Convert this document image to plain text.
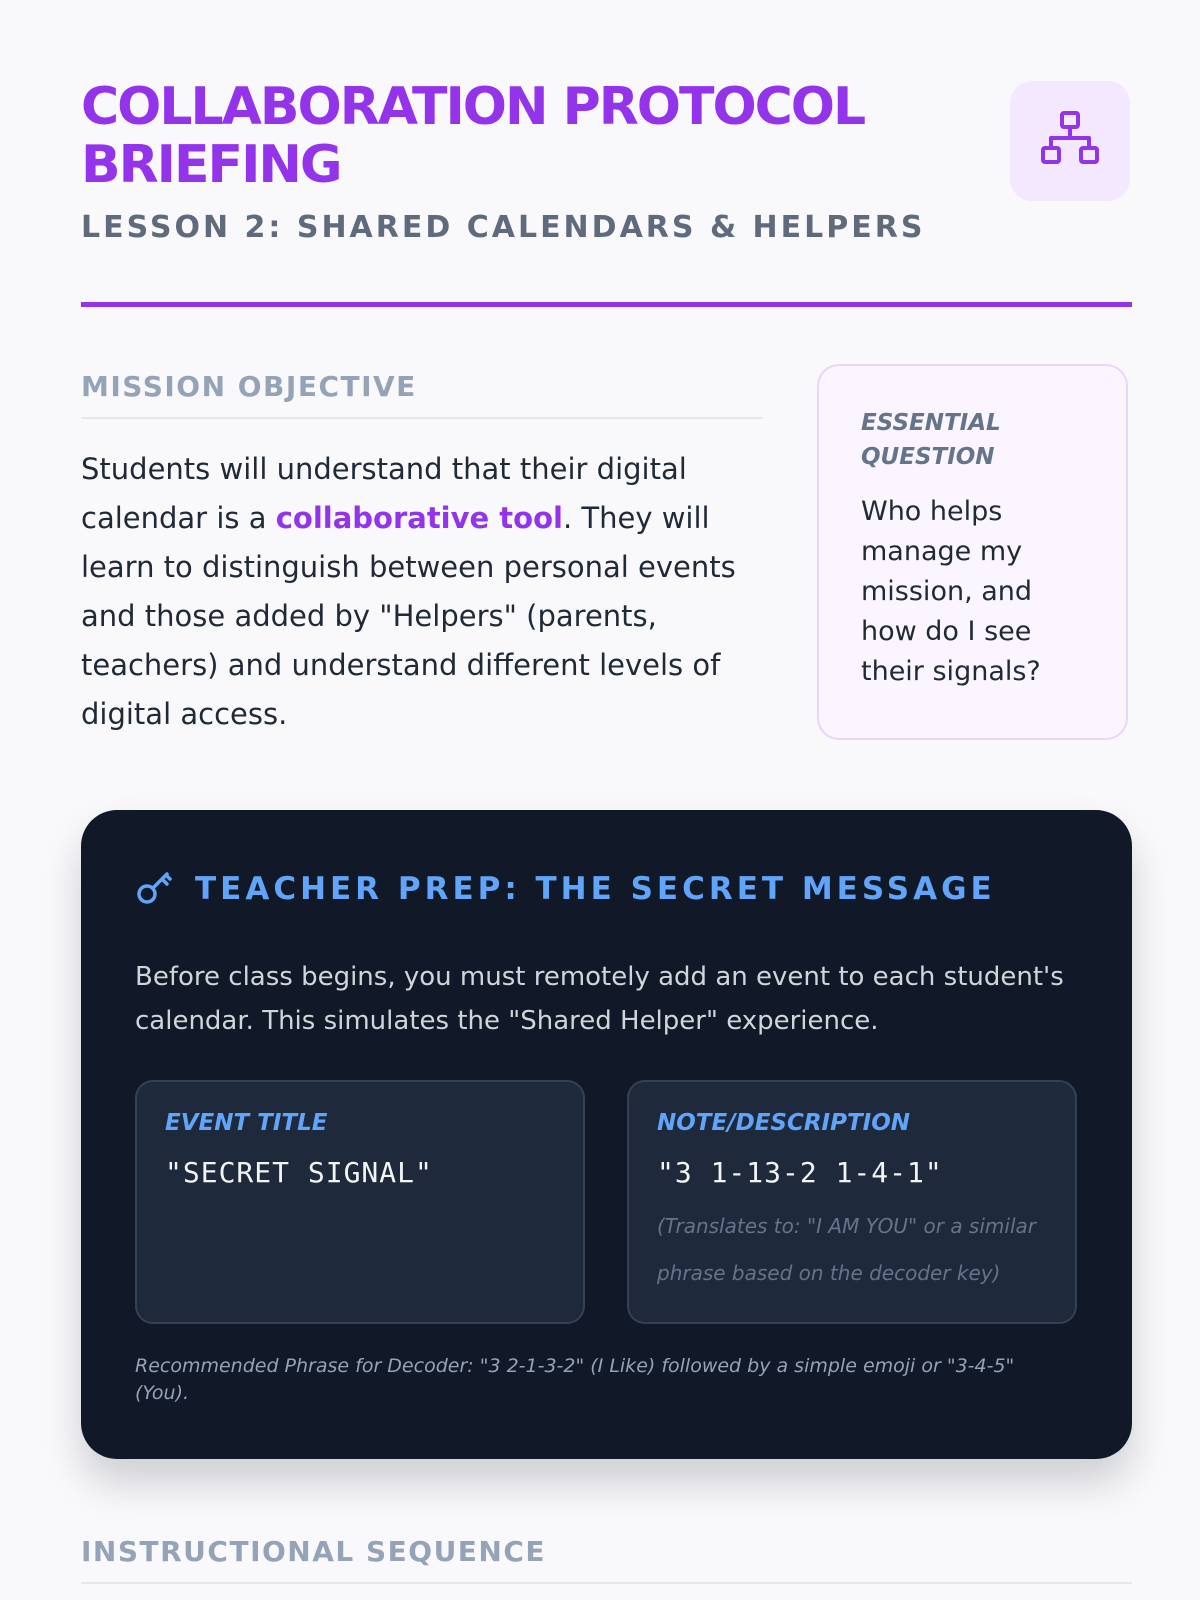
COLLABORATION PROTOCOL BRIEFING
LESSON 2: SHARED CALENDARS & HELPERS
MISSION OBJECTIVE

Students will understand that their digital calendar is a collaborative tool. They will learn to distinguish between personal events and those added by "Helpers" (parents, teachers) and understand different levels of digital access.

ESSENTIAL QUESTION
Who helps manage my mission, and how do I see their signals?
TEACHER PREP: THE SECRET MESSAGE
Before class begins, you must remotely add an event to each student's calendar. This simulates the "Shared Helper" experience.
EVENT TITLE
"SECRET SIGNAL"
NOTE/DESCRIPTION
"3 1-13-2 1-4-1"
(Translates to: "I AM YOU" or a similar phrase based on the decoder key)
Recommended Phrase for Decoder: "3 2-1-3-2" (I Like) followed by a simple emoji or "3-4-5" (You).
INSTRUCTIONAL SEQUENCE
